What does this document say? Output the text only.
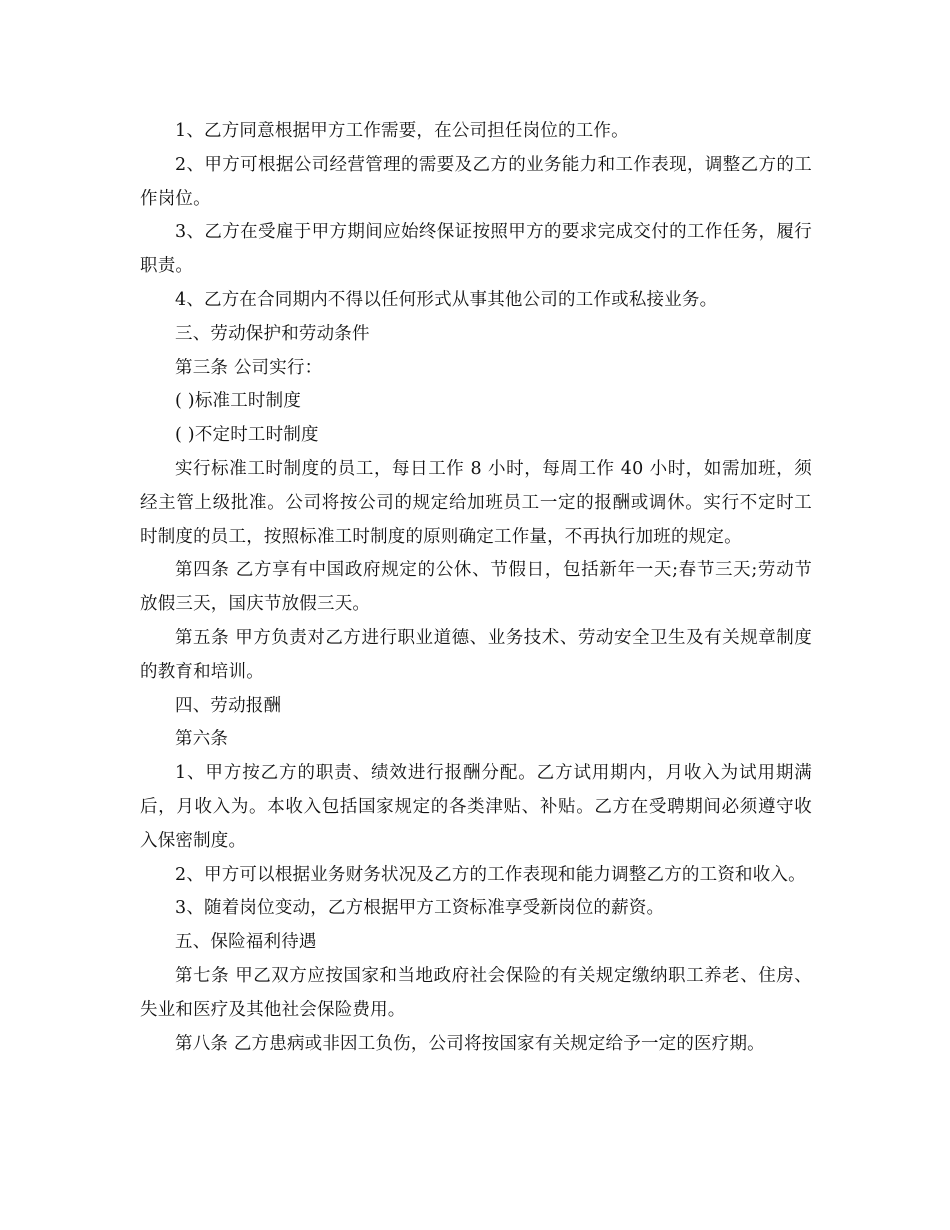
1、乙方同意根据甲方工作需要，在公司担任岗位的工作。

2、甲方可根据公司经营管理的需要及乙方的业务能力和工作表现，调整乙方的工作岗位。

3、乙方在受雇于甲方期间应始终保证按照甲方的要求完成交付的工作任务，履行职责。

4、乙方在合同期内不得以任何形式从事其他公司的工作或私接业务。

三、劳动保护和劳动条件

第三条 公司实行：

( )标准工时制度

( )不定时工时制度

实行标准工时制度的员工，每日工作 8 小时，每周工作 40 小时，如需加班，须经主管上级批准。公司将按公司的规定给加班员工一定的报酬或调休。实行不定时工时制度的员工，按照标准工时制度的原则确定工作量，不再执行加班的规定。

第四条 乙方享有中国政府规定的公休、节假日，包括新年一天;春节三天;劳动节放假三天，国庆节放假三天。

第五条 甲方负责对乙方进行职业道德、业务技术、劳动安全卫生及有关规章制度的教育和培训。

四、劳动报酬

第六条

1、甲方按乙方的职责、绩效进行报酬分配。乙方试用期内，月收入为试用期满后，月收入为。本收入包括国家规定的各类津贴、补贴。乙方在受聘期间必须遵守收入保密制度。

2、甲方可以根据业务财务状况及乙方的工作表现和能力调整乙方的工资和收入。

3、随着岗位变动，乙方根据甲方工资标准享受新岗位的薪资。

五、保险福利待遇

第七条 甲乙双方应按国家和当地政府社会保险的有关规定缴纳职工养老、住房、失业和医疗及其他社会保险费用。

第八条 乙方患病或非因工负伤，公司将按国家有关规定给予一定的医疗期。
